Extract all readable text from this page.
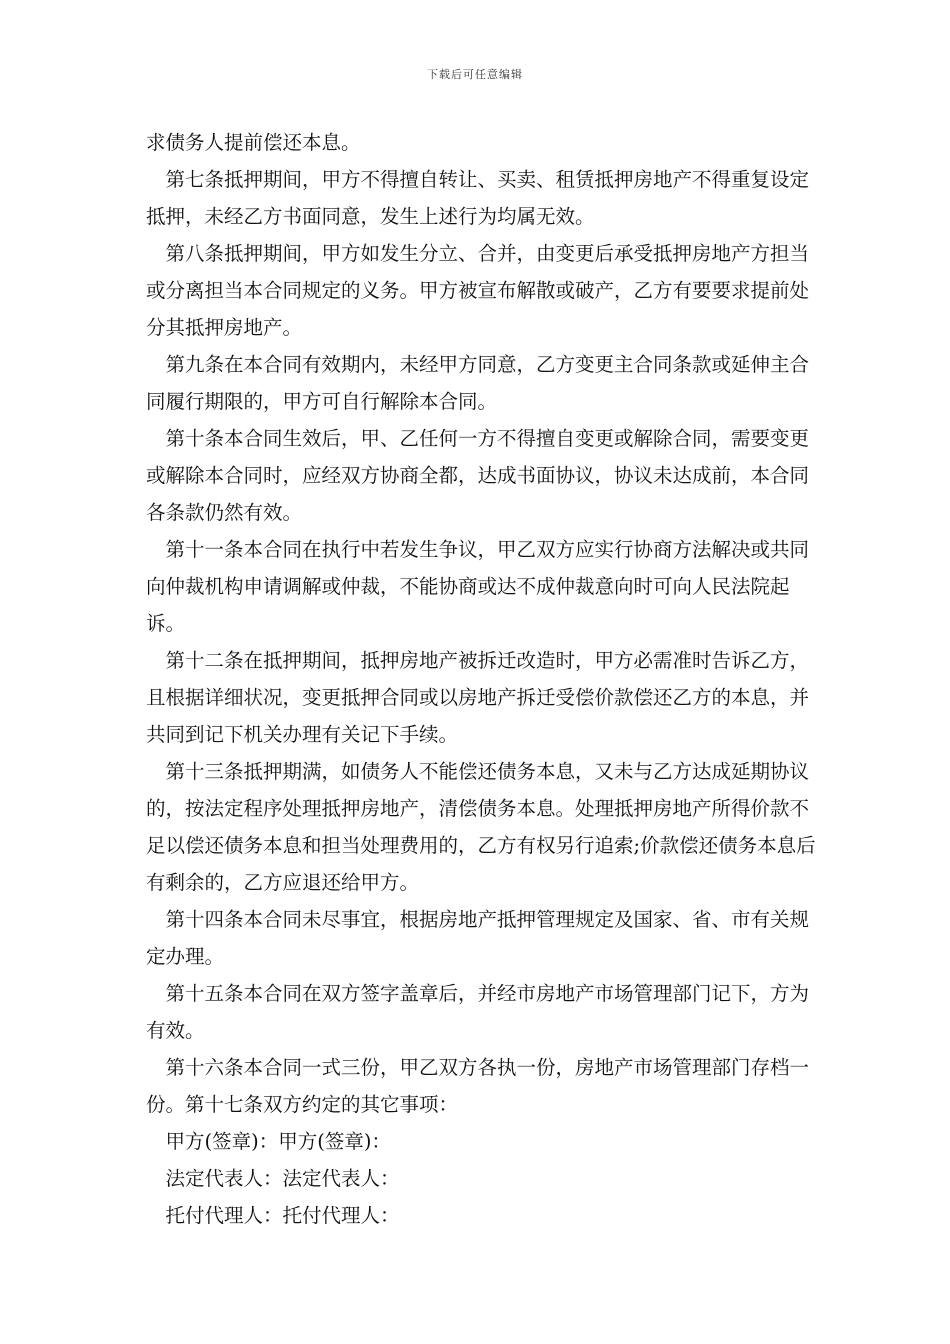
下载后可任意编辑

求债务人提前偿还本息。

第七条抵押期间，甲方不得擅自转让、买卖、租赁抵押房地产不得重复设定抵押，未经乙方书面同意，发生上述行为均属无效。

第八条抵押期间，甲方如发生分立、合并，由变更后承受抵押房地产方担当或分离担当本合同规定的义务。甲方被宣布解散或破产，乙方有要要求提前处分其抵押房地产。

第九条在本合同有效期内，未经甲方同意，乙方变更主合同条款或延伸主合同履行期限的，甲方可自行解除本合同。

第十条本合同生效后，甲、乙任何一方不得擅自变更或解除合同，需要变更或解除本合同时，应经双方协商全都，达成书面协议，协议未达成前，本合同各条款仍然有效。

第十一条本合同在执行中若发生争议，甲乙双方应实行协商方法解决或共同向仲裁机构申请调解或仲裁，不能协商或达不成仲裁意向时可向人民法院起诉。

第十二条在抵押期间，抵押房地产被拆迁改造时，甲方必需准时告诉乙方，且根据详细状况，变更抵押合同或以房地产拆迁受偿价款偿还乙方的本息，并共同到记下机关办理有关记下手续。

第十三条抵押期满，如债务人不能偿还债务本息，又未与乙方达成延期协议的，按法定程序处理抵押房地产，清偿债务本息。处理抵押房地产所得价款不足以偿还债务本息和担当处理费用的，乙方有权另行追索;价款偿还债务本息后有剩余的，乙方应退还给甲方。

第十四条本合同未尽事宜，根据房地产抵押管理规定及国家、省、市有关规定办理。

第十五条本合同在双方签字盖章后，并经市房地产市场管理部门记下，方为有效。

第十六条本合同一式三份，甲乙双方各执一份，房地产市场管理部门存档一份。第十七条双方约定的其它事项：

甲方(签章)：甲方(签章)：

法定代表人：法定代表人：

托付代理人：托付代理人：
